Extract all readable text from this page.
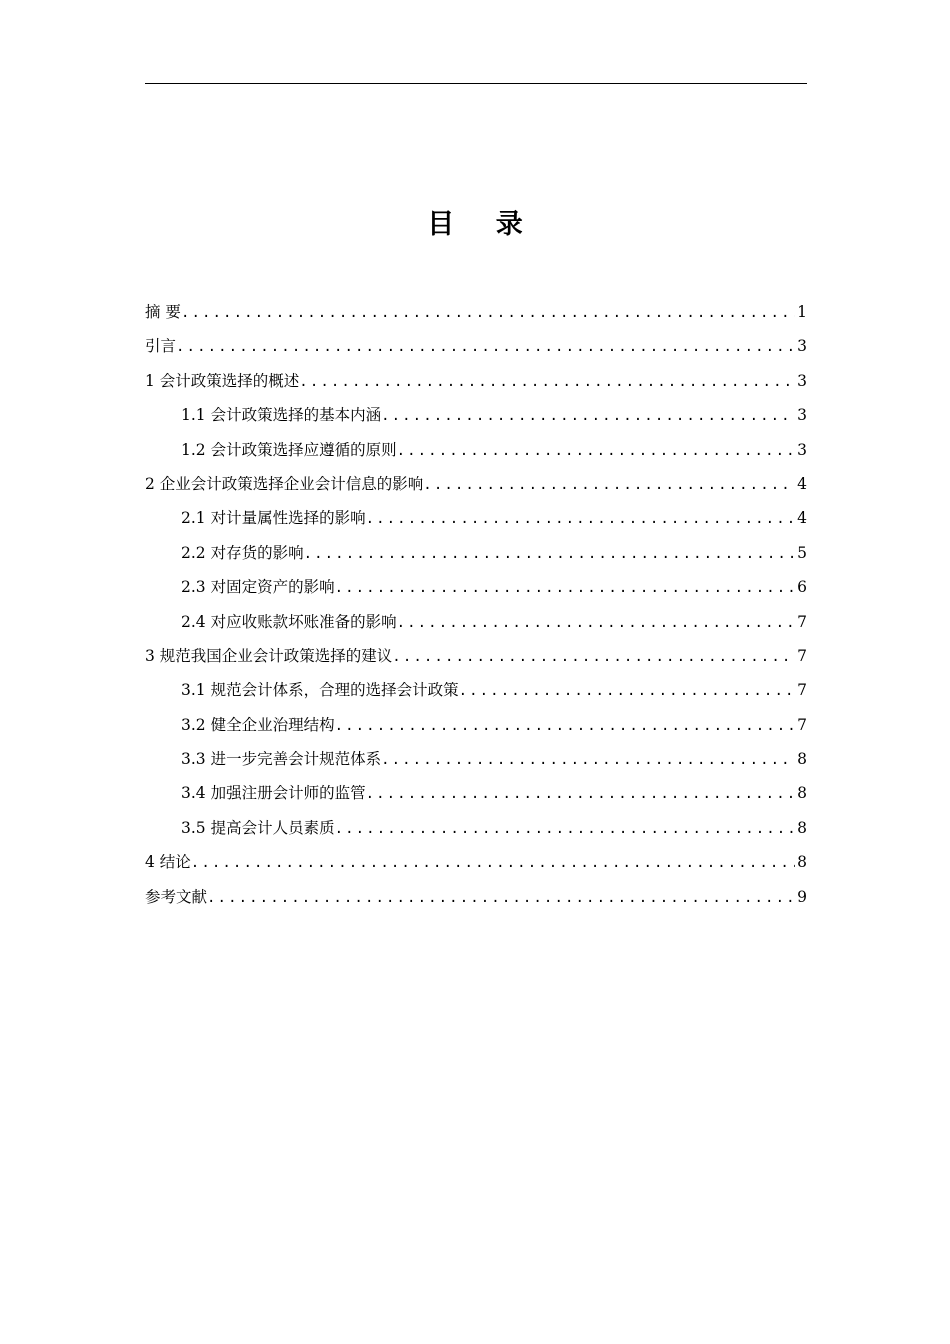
目 录
摘 要 .....	1
引言 .....	3
1 会计政策选择的概述 .....	3
1.1 会计政策选择的基本内涵 .....	3
1.2 会计政策选择应遵循的原则 .....	3
2 企业会计政策选择企业会计信息的影响 .....	4
2.1 对计量属性选择的影响 .....	4
2.2 对存货的影响 .....	5
2.3 对固定资产的影响 .....	6
2.4 对应收账款坏账准备的影响 .....	7
3 规范我国企业会计政策选择的建议 .....	7
3.1 规范会计体系，合理的选择会计政策 .....	7
3.2 健全企业治理结构 .....	7
3.3 进一步完善会计规范体系 .....	8
3.4 加强注册会计师的监管 .....	8
3.5 提高会计人员素质 .....	8
4 结论 .....	8
参考文献 .....	9
